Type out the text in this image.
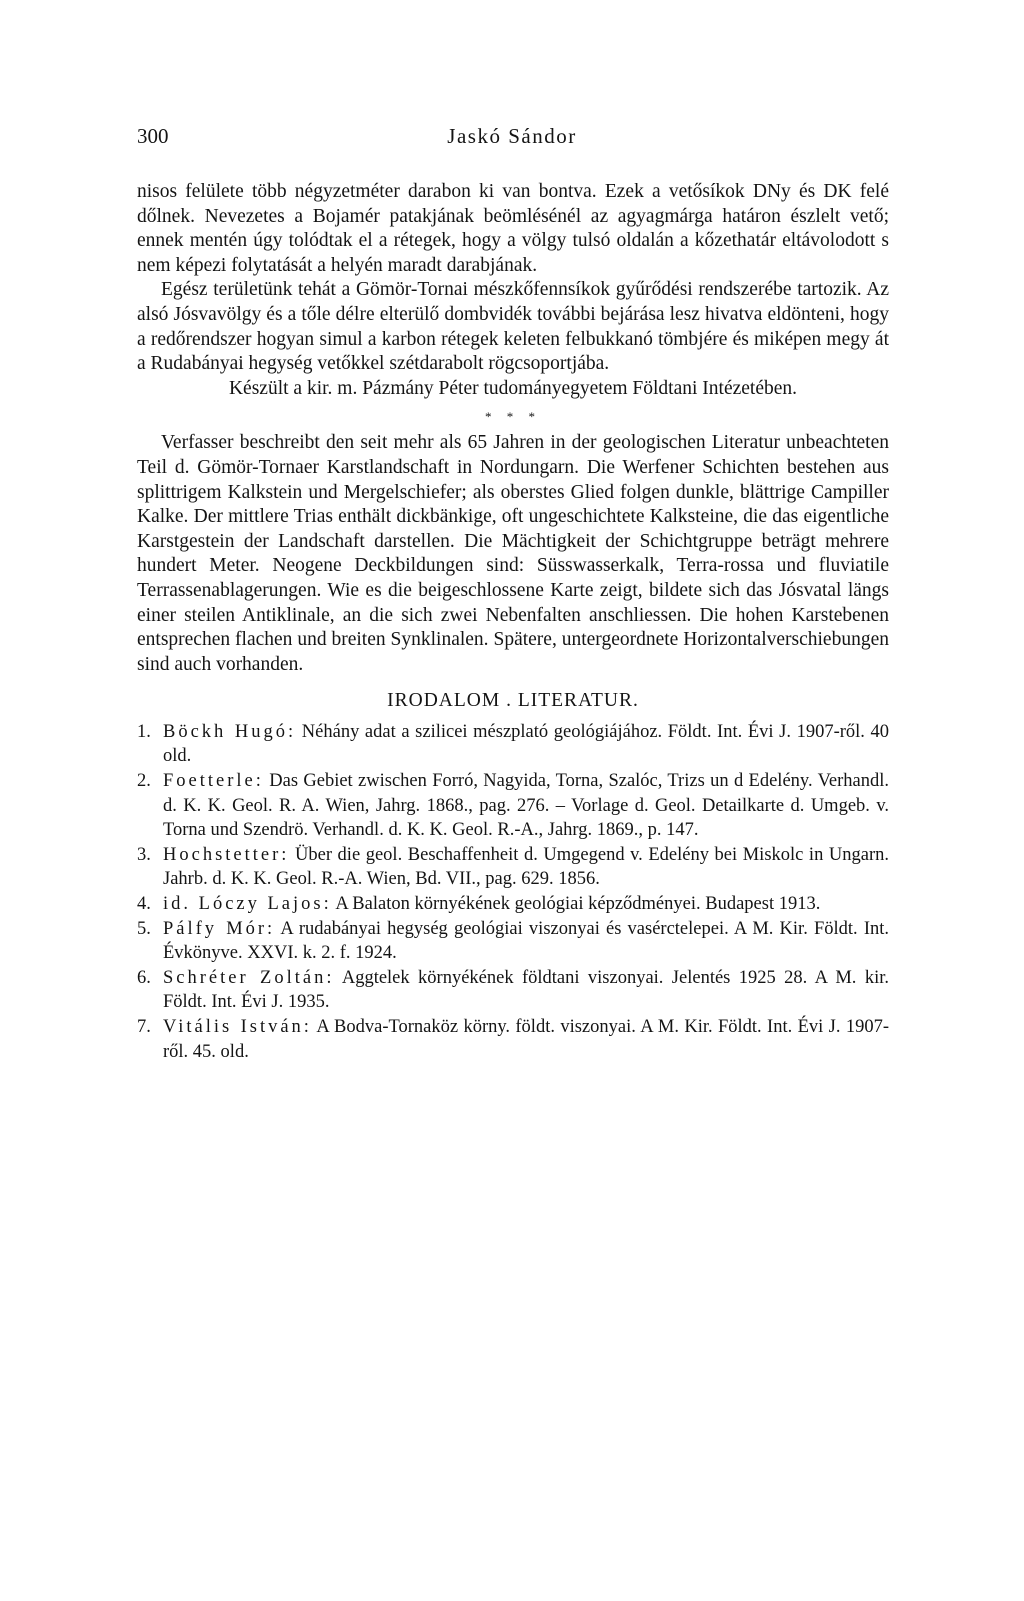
300	Jaskó Sándor

nisos felülete több négyzetméter darabon ki van bontva. Ezek a vetősíkok DNy és DK felé dőlnek. Nevezetes a Bojamér patakjának beömlésénél az agyagmárga határon észlelt vető; ennek mentén úgy tolódtak el a rétegek, hogy a völgy tulsó oldalán a kőzethatár eltávolodott s nem képezi folytatását a helyén maradt darabjának.

Egész területünk tehát a Gömör-Tornai mészkőfennsíkok gyűrődési rendszerébe tartozik. Az alsó Jósvavölgy és a tőle délre elterülő dombvidék további bejárása lesz hivatva eldönteni, hogy a redőrendszer hogyan simul a karbon rétegek keleten felbukkanó tömbjére és miképen megy át a Rudabányai hegység vetőkkel szétdarabolt rögcsoportjába.

Készült a kir. m. Pázmány Péter tudományegyetem Földtani Intézetében.

* * *

Verfasser beschreibt den seit mehr als 65 Jahren in der geologischen Literatur unbeachteten Teil d. Gömör-Tornaer Karstlandschaft in Nordungarn. Die Werfener Schichten bestehen aus splittrigem Kalkstein und Mergelschiefer; als oberstes Glied folgen dunkle, blättrige Campiller Kalke. Der mittlere Trias enthält dickbänkige, oft ungeschichtete Kalksteine, die das eigentliche Karstgestein der Landschaft darstellen. Die Mächtigkeit der Schichtgruppe beträgt mehrere hundert Meter. Neogene Deckbildungen sind: Süsswasserkalk, Terra-rossa und fluviatile Terrassenablagerungen. Wie es die beigeschlossene Karte zeigt, bildete sich das Jósvatal längs einer steilen Antiklinale, an die sich zwei Nebenfalten anschliessen. Die hohen Karstebenen entsprechen flachen und breiten Synklinalen. Spätere, untergeordnete Horizontalverschiebungen sind auch vorhanden.

IRODALOM . LITERATUR.
1. Böckh Hugó: Néhány adat a szilicei mészplató geológiájához. Földt. Int. Évi J. 1907-ről. 40 old.
2. Foetterle: Das Gebiet zwischen Forró, Nagyida, Torna, Szalóc, Trizs un d Edelény. Verhandl. d. K. K. Geol. R. A. Wien, Jahrg. 1868., pag. 276. – Vorlage d. Geol. Detailkarte d. Umgeb. v. Torna und Szendrö. Verhandl. d. K. K. Geol. R.-A., Jahrg. 1869., p. 147.
3. Hochstetter: Über die geol. Beschaffenheit d. Umgegend v. Edelény bei Miskolc in Ungarn. Jahrb. d. K. K. Geol. R.-A. Wien, Bd. VII., pag. 629. 1856.
4. id. Lóczy Lajos: A Balaton környékének geológiai képződményei. Budapest 1913.
5. Pálfy Mór: A rudabányai hegység geológiai viszonyai és vasérctelepei. A M. Kir. Földt. Int. Évkönyve. XXVI. k. 2. f. 1924.
6. Schréter Zoltán: Aggtelek környékének földtani viszonyai. Jelentés 1925 28. A M. kir. Földt. Int. Évi J. 1935.
7. Vitális István: A Bodva-Tornaköz körny. földt. viszonyai. A M. Kir. Földt. Int. Évi J. 1907-ről. 45. old.
